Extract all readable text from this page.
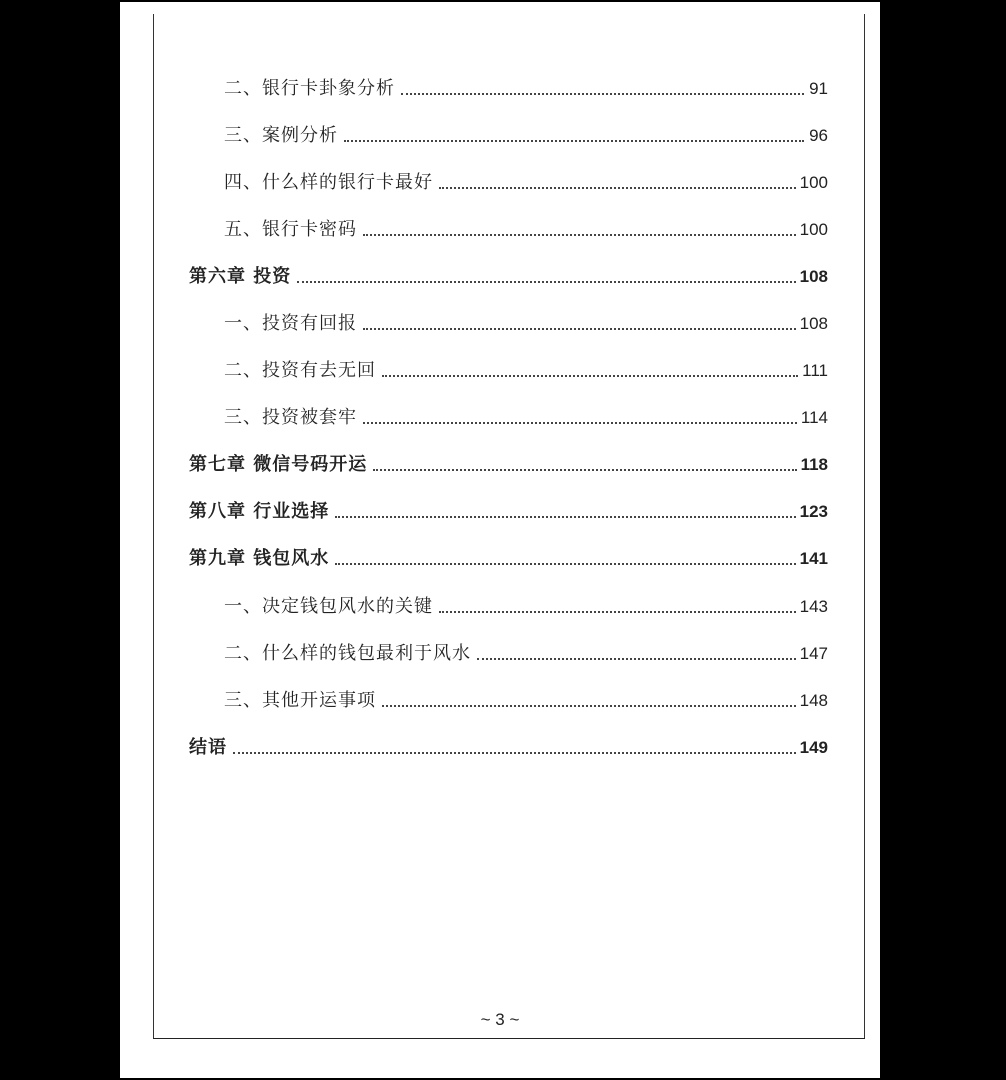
二、银行卡卦象分析	91
三、案例分析	96
四、什么样的银行卡最好	100
五、银行卡密码	100
第六章 投资	108
一、投资有回报	108
二、投资有去无回	111
三、投资被套牢	114
第七章 微信号码开运	118
第八章 行业选择	123
第九章 钱包风水	141
一、决定钱包风水的关键	143
二、什么样的钱包最利于风水	147
三、其他开运事项	148
结语	149
~ 3 ~
